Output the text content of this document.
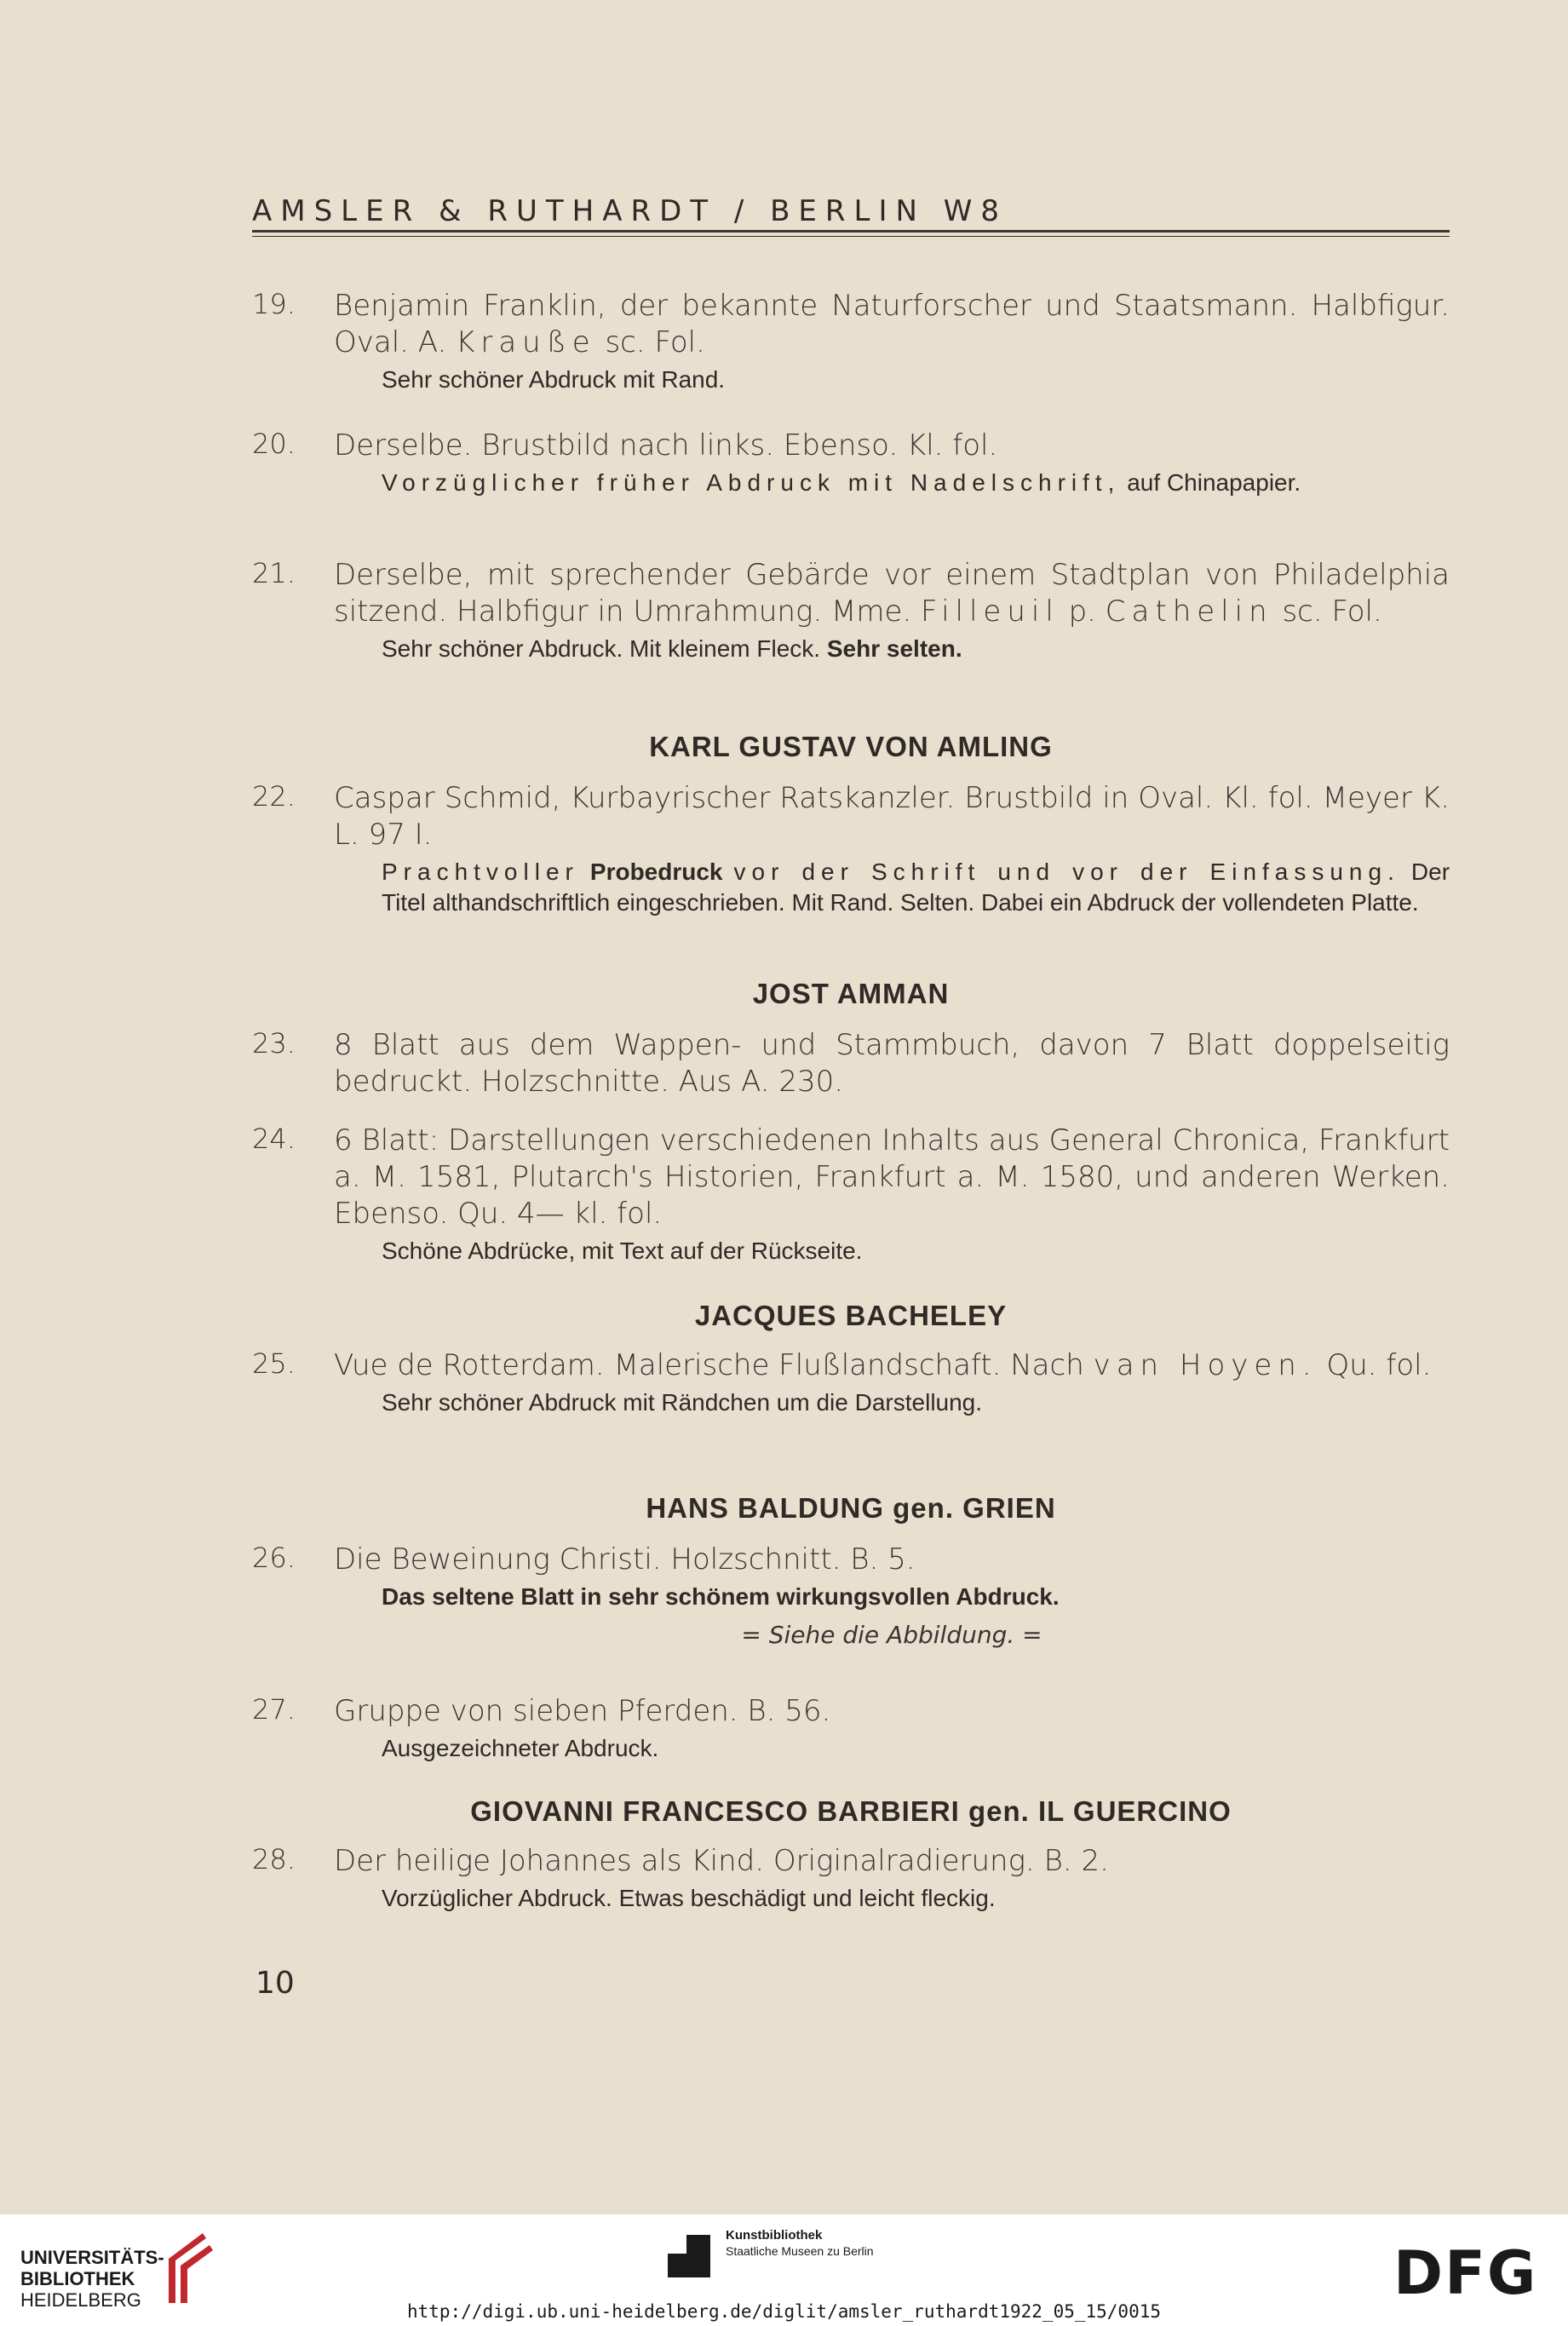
AMSLER & RUTHARDT / BERLIN W8
19.	Benjamin Franklin, der bekannte Naturforscher und Staatsmann. Halbfigur. Oval. A. Krauße sc. Fol.
Sehr schöner Abdruck mit Rand.
20.	Derselbe. Brustbild nach links. Ebenso. Kl. fol.
Vorzüglicher früher Abdruck mit Nadelschrift, auf Chinapapier.
21.	Derselbe, mit sprechender Gebärde vor einem Stadtplan von Philadelphia sitzend. Halbfigur in Umrahmung. Mme. Filleuil p. Cathelin sc. Fol.
Sehr schöner Abdruck. Mit kleinem Fleck. Sehr selten.
KARL GUSTAV VON AMLING
22.	Caspar Schmid, Kurbayrischer Ratskanzler. Brustbild in Oval. Kl. fol. Meyer K. L. 97 I.
Prachtvoller Probedruck vor der Schrift und vor der Einfassung. Der Titel althandschriftlich eingeschrieben. Mit Rand. Selten. Dabei ein Abdruck der vollendeten Platte.
JOST AMMAN
23.	8 Blatt aus dem Wappen- und Stammbuch, davon 7 Blatt doppelseitig bedruckt. Holzschnitte. Aus A. 230.
24.	6 Blatt: Darstellungen verschiedenen Inhalts aus General Chronica, Frankfurt a. M. 1581, Plutarch's Historien, Frankfurt a. M. 1580, und anderen Werken. Ebenso. Qu. 4— kl. fol.
Schöne Abdrücke, mit Text auf der Rückseite.
JACQUES BACHELEY
25.	Vue de Rotterdam. Malerische Flußlandschaft. Nach van Hoyen. Qu. fol.
Sehr schöner Abdruck mit Rändchen um die Darstellung.
HANS BALDUNG gen. GRIEN
26.	Die Beweinung Christi. Holzschnitt. B. 5.
Das seltene Blatt in sehr schönem wirkungsvollen Abdruck.
= Siehe die Abbildung. =
27.	Gruppe von sieben Pferden. B. 56.
Ausgezeichneter Abdruck.
GIOVANNI FRANCESCO BARBIERI gen. IL GUERCINO
28.	Der heilige Johannes als Kind. Originalradierung. B. 2.
Vorzüglicher Abdruck. Etwas beschädigt und leicht fleckig.
10
UNIVERSITÄTS-
BIBLIOTHEK
HEIDELBERG
Kunstbibliothek
Staatliche Museen zu Berlin	DFG
http://digi.ub.uni-heidelberg.de/diglit/amsler_ruthardt1922_05_15/0015
